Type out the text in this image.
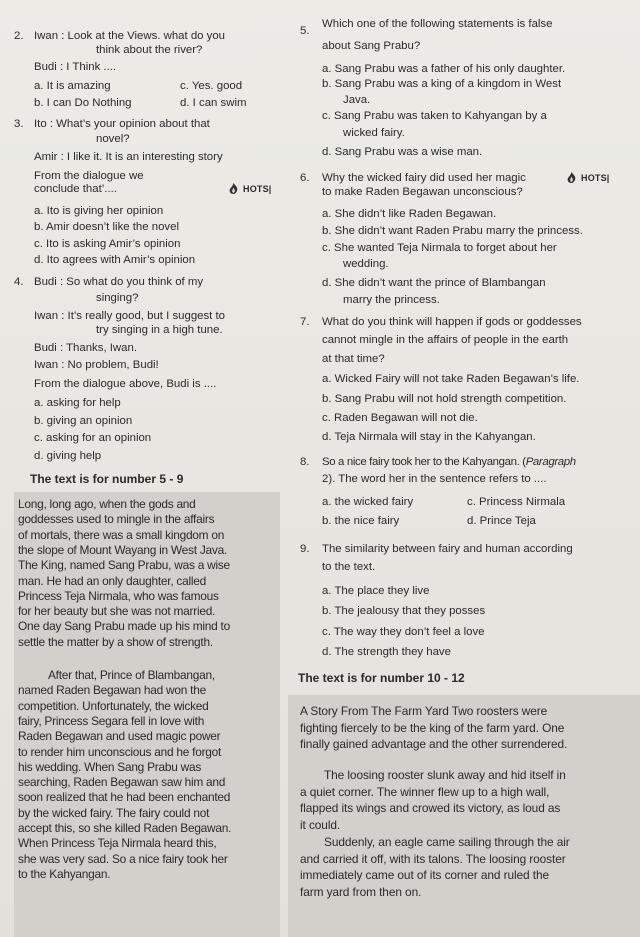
2. Iwan : Look at the Views. what do you
think about the river?
Budi : I Think ....
a. It is amazing	c. Yes. good
b. I can Do Nothing	d. I can swim
3. Ito : What’s your opinion about that
novel?
Amir : I like it. It is an interesting story
From the dialogue we
conclude that’....	HOTS|
a. Ito is giving her opinion
b. Amir doesn’t like the novel
c. Ito is asking Amir’s opinion
d. Ito agrees with Amir’s opinion
4. Budi : So what do you think of my
singing?
Iwan : It’s really good, but I suggest to
try singing in a high tune.
Budi : Thanks, Iwan.
Iwan : No problem, Budi!
From the dialogue above, Budi is ....
a. asking for help
b. giving an opinion
c. asking for an opinion
d. giving help
The text is for number 5 - 9
Long, long ago, when the gods and
goddesses used to mingle in the affairs
of mortals, there was a small kingdom on
the slope of Mount Wayang in West Java.
The King, named Sang Prabu, was a wise
man. He had an only daughter, called
Princess Teja Nirmala, who was famous
for her beauty but she was not married.
One day Sang Prabu made up his mind to
settle the matter by a show of strength.
After that, Prince of Blambangan,
named Raden Begawan had won the
competition. Unfortunately, the wicked
fairy, Princess Segara fell in love with
Raden Begawan and used magic power
to render him unconscious and he forgot
his wedding. When Sang Prabu was
searching, Raden Begawan saw him and
soon realized that he had been enchanted
by the wicked fairy. The fairy could not
accept this, so she killed Raden Begawan.
When Princess Teja Nirmala heard this,
she was very sad. So a nice fairy took her
to the Kahyangan.
5.
Which one of the following statements is false
about Sang Prabu?
a. Sang Prabu was a father of his only daughter.
b. Sang Prabu was a king of a kingdom in West
Java.
c. Sang Prabu was taken to Kahyangan by a
wicked fairy.
d. Sang Prabu was a wise man.
6. Why the wicked fairy did used her magic
to make Raden Begawan unconscious?
HOTS|
a. She didn’t like Raden Begawan.
b. She didn’t want Raden Prabu marry the princess.
c. She wanted Teja Nirmala to forget about her
wedding.
d. She didn’t want the prince of Blambangan
marry the princess.
7. What do you think will happen if gods or goddesses
cannot mingle in the affairs of people in the earth
at that time?
a. Wicked Fairy will not take Raden Begawan’s life.
b. Sang Prabu will not hold strength competition.
c. Raden Begawan will not die.
d. Teja Nirmala will stay in the Kahyangan.
8. So a nice fairy took her to the Kahyangan. (Paragraph
2). The word her in the sentence refers to ....
a. the wicked fairy	c. Princess Nirmala
b. the nice fairy	d. Prince Teja
9. The similarity between fairy and human according
to the text.
a. The place they live
b. The jealousy that they posses
c. The way they don’t feel a love
d. The strength they have
The text is for number 10 - 12
A Story From The Farm Yard Two roosters were
fighting fiercely to be the king of the farm yard. One
finally gained advantage and the other surrendered.
The loosing rooster slunk away and hid itself in
a quiet corner. The winner flew up to a high wall,
flapped its wings and crowed its victory, as loud as
it could.
Suddenly, an eagle came sailing through the air
and carried it off, with its talons. The loosing rooster
immediately came out of its corner and ruled the
farm yard from then on.
